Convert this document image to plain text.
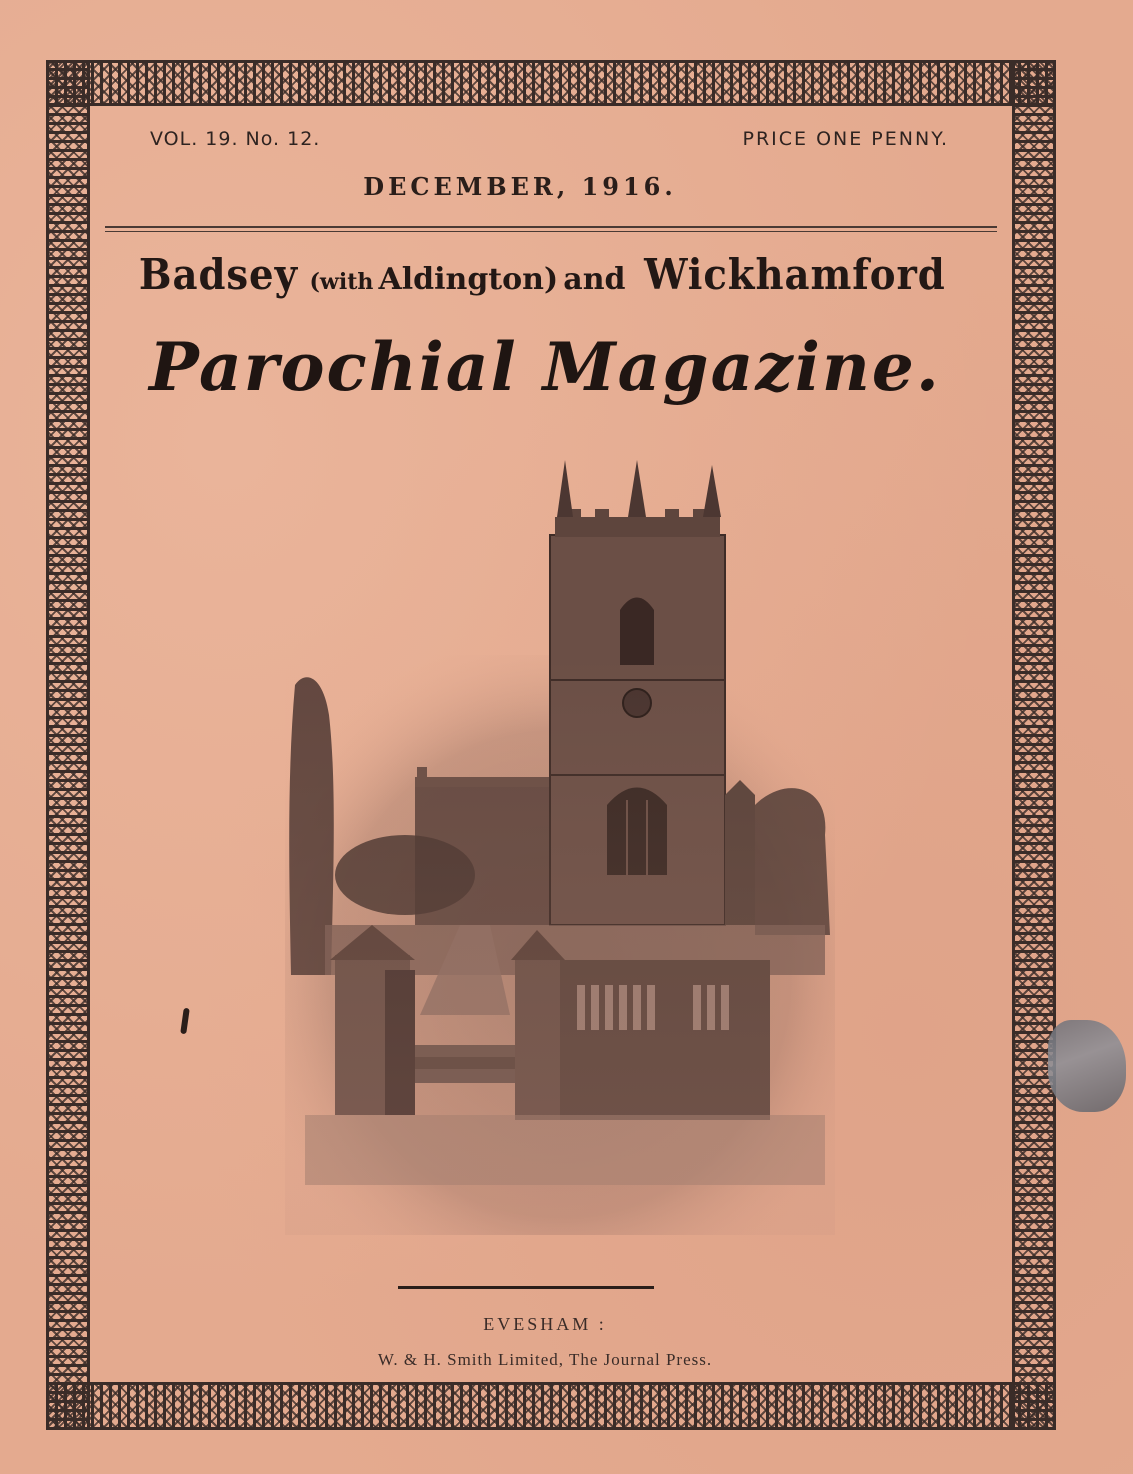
VOL. 19. No. 12.	PRICE ONE PENNY.
DECEMBER, 1916.
Badsey (with Aldington) and Wickhamford
Parochial Magazine.
EVESHAM :
W. & H. Smith Limited, The Journal Press.
